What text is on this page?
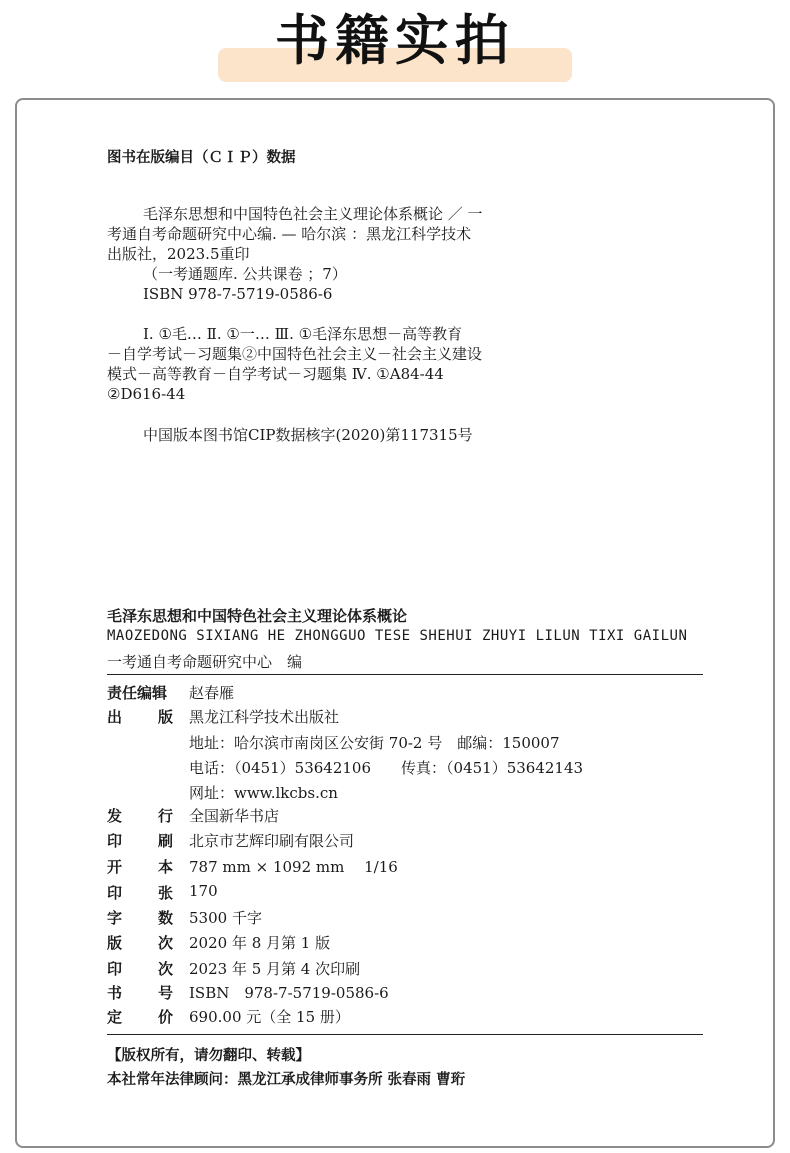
书籍实拍
图书在版编目（ＣＩＰ）数据
毛泽东思想和中国特色社会主义理论体系概论 ／ 一
考通自考命题研究中心编. — 哈尔滨 ：黑龙江科学技术
出版社，2023.5重印
（一考通题库. 公共课卷 ；7）
ISBN 978-7-5719-0586-6
Ⅰ. ①毛… Ⅱ. ①一… Ⅲ. ①毛泽东思想－高等教育
－自学考试－习题集②中国特色社会主义－社会主义建设
模式－高等教育－自学考试－习题集 Ⅳ. ①A84-44
②D616-44
中国版本图书馆CIP数据核字(2020)第117315号
毛泽东思想和中国特色社会主义理论体系概论
MAOZEDONG SIXIANG HE ZHONGGUO TESE SHEHUI ZHUYI LILUN TIXI GAILUN
一考通自考命题研究中心　编
责任编辑	赵春雁
出 版 黑龙江科学技术出版社
地址：哈尔滨市南岗区公安街 70-2 号　邮编：150007
电话：（0451）53642106　　传真：（0451）53642143
网址：www.lkcbs.cn
发 行 全国新华书店
印 刷 北京市艺辉印刷有限公司
开 本 787 mm × 1092 mm　 1/16
印 张 170
字 数 5300 千字
版 次 2020 年 8 月第 1 版
印 次 2023 年 5 月第 4 次印刷
书 号 ISBN　978-7-5719-0586-6
定 价 690.00 元（全 15 册）
【版权所有，请勿翻印、转载】
本社常年法律顾问：黑龙江承成律师事务所 张春雨 曹珩
